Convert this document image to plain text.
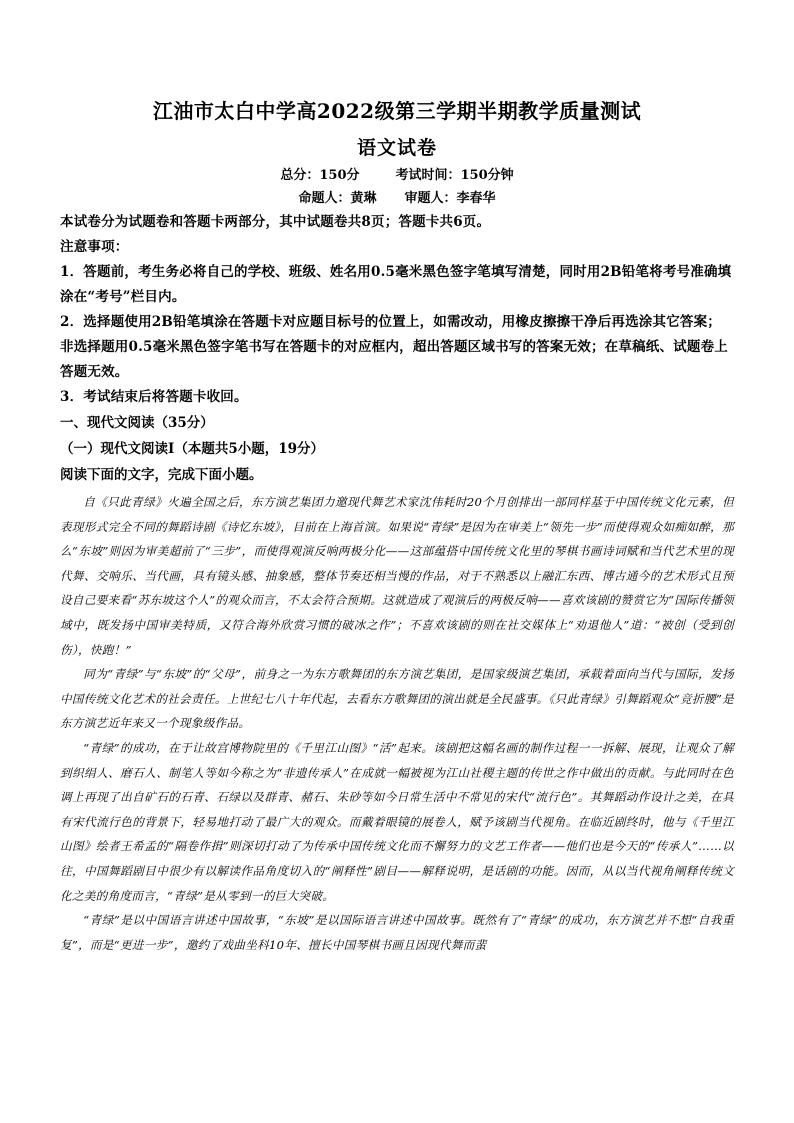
江油市太白中学高2022级第三学期半期教学质量测试
语文试卷
总分：150分	考试时间：150分钟
命题人：黄琳 审题人：李春华

本试卷分为试题卷和答题卡两部分，其中试题卷共8页；答题卡共6页。

注意事项：

1．答题前，考生务必将自己的学校、班级、姓名用0.5毫米黑色签字笔填写清楚，同时用2B铅笔将考号准确填涂在“考号”栏目内。

2．选择题使用2B铅笔填涂在答题卡对应题目标号的位置上，如需改动，用橡皮擦擦干净后再选涂其它答案；非选择题用0.5毫米黑色签字笔书写在答题卡的对应框内，超出答题区域书写的答案无效；在草稿纸、试题卷上答题无效。

3．考试结束后将答题卡收回。

一、现代文阅读（35分）

（一）现代文阅读Ⅰ（本题共5小题，19分）

阅读下面的文字，完成下面小题。

自《只此青绿》火遍全国之后，东方演艺集团力邀现代舞艺术家沈伟耗时20个月创排出一部同样基于中国传统文化元素，但表现形式完全不同的舞蹈诗剧《诗忆东坡》，目前在上海首演。如果说“青绿”是因为在审美上“领先一步”而使得观众如痴如醉，那么“东坡”则因为审美超前了“三步”，而使得观演反响两极分化——这部蕴搭中国传统文化里的琴棋书画诗词赋和当代艺术里的现代舞、交响乐、当代画，具有镜头感、抽象感，整体节奏还相当慢的作品，对于不熟悉以上融汇东西、博古通今的艺术形式且预设自己要来看“苏东坡这个人”的观众而言，不太会符合预期。这就造成了观演后的两极反响——喜欢该剧的赞赏它为“国际传播领域中，既发扬中国审美特质，又符合海外欣赏习惯的破冰之作”；不喜欢该剧的则在社交媒体上“劝退他人”道：“被创（受到创伤），快跑！”

同为“青绿”与“东坡”的“父母”，前身之一为东方歌舞团的东方演艺集团，是国家级演艺集团，承载着面向当代与国际，发扬中国传统文化艺术的社会责任。上世纪七八十年代起，去看东方歌舞团的演出就是全民盛事。《只此青绿》引舞蹈观众“竞折腰”是东方演艺近年来又一个现象级作品。

“青绿”的成功，在于让故宫博物院里的《千里江山图》“活”起来。该剧把这幅名画的制作过程一一拆解、展现，让观众了解到织绢人、磨石人、制笔人等如今称之为“非遗传承人”在成就一幅被视为江山社稷主题的传世之作中做出的贡献。与此同时在色调上再现了出自矿石的石青、石绿以及群青、赭石、朱砂等如今日常生活中不常见的宋代“流行色”。其舞蹈动作设计之美，在具有宋代流行色的背景下，轻易地打动了最广大的观众。而戴着眼镜的展卷人，赋予该剧当代视角。在临近剧终时，他与《千里江山图》绘者王希孟的“隔卷作揖”则深切打动了为传承中国传统文化而不懈努力的文艺工作者——他们也是今天的“传承人”……以往，中国舞蹈剧目中很少有以解读作品角度切入的“阐释性”剧目——解释说明，是话剧的功能。因而，从以当代视角阐释传统文化之美的角度而言，“青绿”是从零到一的巨大突破。

“青绿”是以中国语言讲述中国故事，“东坡”是以国际语言讲述中国故事。既然有了“青绿”的成功，东方演艺并不想“自我重复”，而是“更进一步”，邀约了戏曲坐科10年、擅长中国琴棋书画且因现代舞而蜚
